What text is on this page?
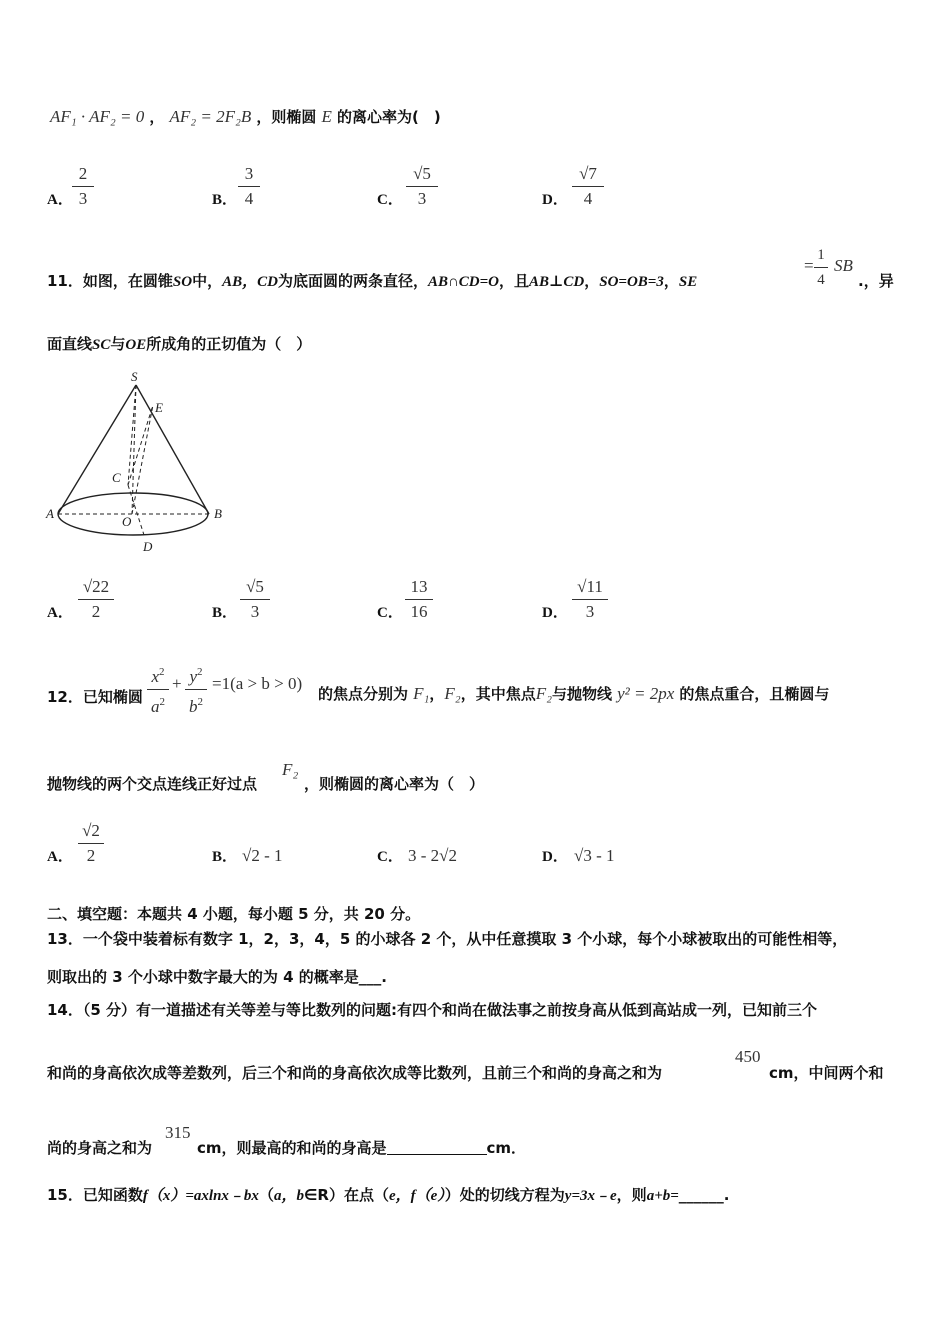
AF₁ · AF₂ = 0 ， AF₂ = 2F₂B ，则椭圆 E 的离心率为(　)
A．
2
3	B．
3
4	C．
√5
3	D．
√7
4
11．如图，在圆锥SO中，AB，CD为底面圆的两条直径，AB∩CD=O，且AB⊥CD，SO=OB=3，SE
1
4
= SB
.，异
面直线SC与OE所成角的正切值为（　）
S
E
C
A
O
B
D
A．
√22
2	B．
√5
3	C．
13
16	D．
√11
3
12．已知椭圆
$x^2$
$a^2$
+ $y^2$
$b^2$
=1(a > b > 0)
的焦点分别为 F₁，F₂，其中焦点F₂与抛物线 y² = 2px 的焦点重合，且椭圆与
抛物线的两个交点连线正好过点
F₂
，则椭圆的离心率为（　）
A．
√2
2	B． √2 - 1	C． 3 - 2√2	D． √3 - 1
二、填空题：本题共 4 小题，每小题 5 分，共 20 分。
13．一个袋中装着标有数字 1，2，3，4，5 的小球各 2 个，从中任意摸取 3 个小球，每个小球被取出的可能性相等，
则取出的 3 个小球中数字最大的为 4 的概率是___.
14．（5 分）有一道描述有关等差与等比数列的问题:有四个和尚在做法事之前按身高从低到高站成一列，已知前三个
和尚的身高依次成等差数列，后三个和尚的身高依次成等比数列，且前三个和尚的身高之和为
450
cm，中间两个和
尚的身高之和为
315
cm，则最高的和尚的身高是	cm．
15．已知函数f（x）=axlnx﹣bx（a，b∈R）在点（e，f（e））处的切线方程为y=3x﹣e，则a+b=______.
